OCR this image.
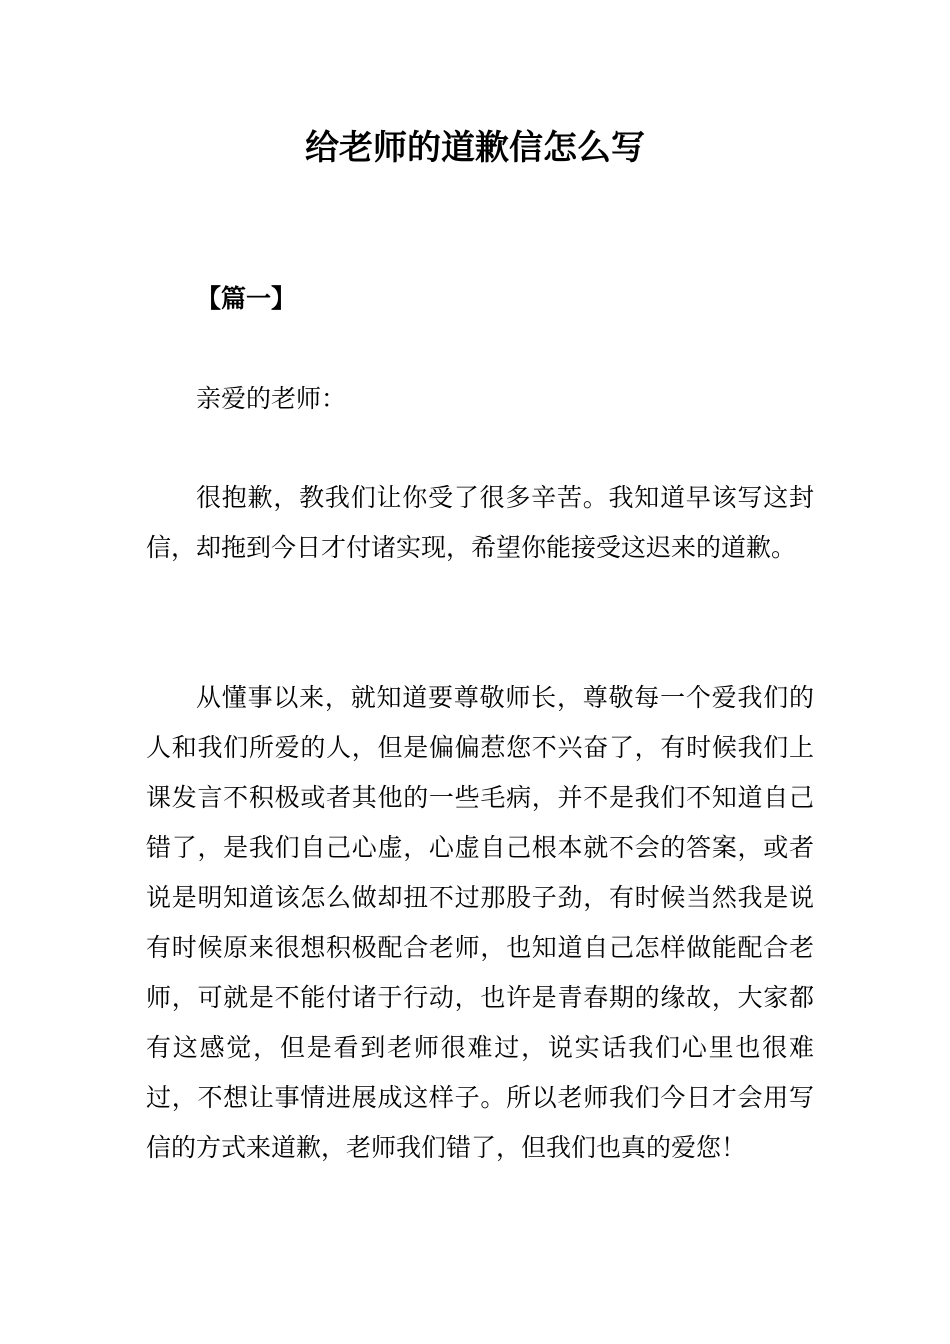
给老师的道歉信怎么写

【篇一】

亲爱的老师：

很抱歉，教我们让你受了很多辛苦。我知道早该写这封信，却拖到今日才付诸实现，希望你能接受这迟来的道歉。

从懂事以来，就知道要尊敬师长，尊敬每一个爱我们的人和我们所爱的人，但是偏偏惹您不兴奋了，有时候我们上课发言不积极或者其他的一些毛病，并不是我们不知道自己错了，是我们自己心虚，心虚自己根本就不会的答案，或者说是明知道该怎么做却扭不过那股子劲，有时候当然我是说有时候原来很想积极配合老师，也知道自己怎样做能配合老师，可就是不能付诸于行动，也许是青春期的缘故，大家都有这感觉，但是看到老师很难过，说实话我们心里也很难过，不想让事情进展成这样子。所以老师我们今日才会用写信的方式来道歉，老师我们错了，但我们也真的爱您！
